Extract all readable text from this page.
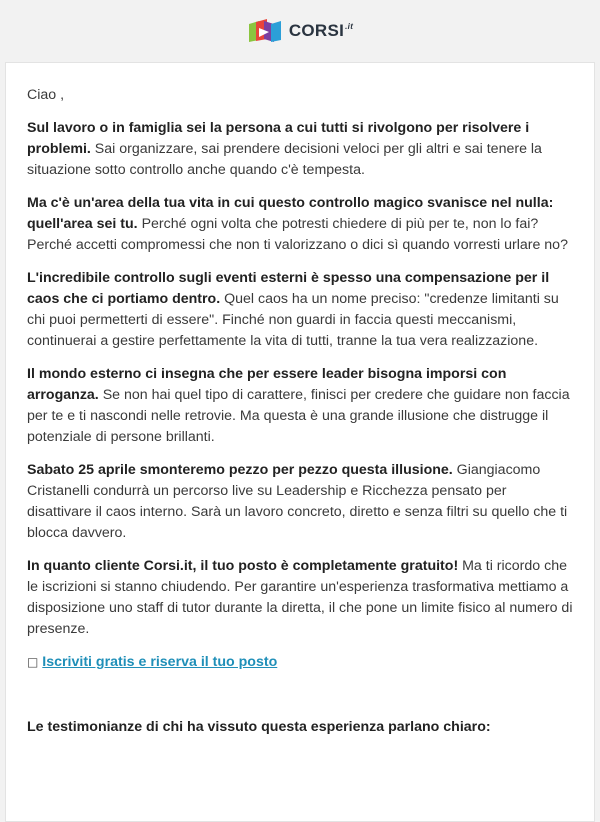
$CORSI^{.it}$

Ciao ,

Sul lavoro o in famiglia sei la persona a cui tutti si rivolgono per risolvere i problemi. Sai organizzare, sai prendere decisioni veloci per gli altri e sai tenere la situazione sotto controllo anche quando c'è tempesta.

Ma c'è un'area della tua vita in cui questo controllo magico svanisce nel nulla: quell'area sei tu. Perché ogni volta che potresti chiedere di più per te, non lo fai? Perché accetti compromessi che non ti valorizzano o dici sì quando vorresti urlare no?

L'incredibile controllo sugli eventi esterni è spesso una compensazione per il caos che ci portiamo dentro. Quel caos ha un nome preciso: "credenze limitanti su chi puoi permetterti di essere". Finché non guardi in faccia questi meccanismi, continuerai a gestire perfettamente la vita di tutti, tranne la tua vera realizzazione.

Il mondo esterno ci insegna che per essere leader bisogna imporsi con arroganza. Se non hai quel tipo di carattere, finisci per credere che guidare non faccia per te e ti nascondi nelle retrovie. Ma questa è una grande illusione che distrugge il potenziale di persone brillanti.

Sabato 25 aprile smonteremo pezzo per pezzo questa illusione. Giangiacomo Cristanelli condurrà un percorso live su Leadership e Ricchezza pensato per disattivare il caos interno. Sarà un lavoro concreto, diretto e senza filtri su quello che ti blocca davvero.

In quanto cliente Corsi.it, il tuo posto è completamente gratuito! Ma ti ricordo che le iscrizioni si stanno chiudendo. Per garantire un'esperienza trasformativa mettiamo a disposizione uno staff di tutor durante la diretta, il che pone un limite fisico al numero di presenze.

□ Iscriviti gratis e riserva il tuo posto

Le testimonianze di chi ha vissuto questa esperienza parlano chiaro:
